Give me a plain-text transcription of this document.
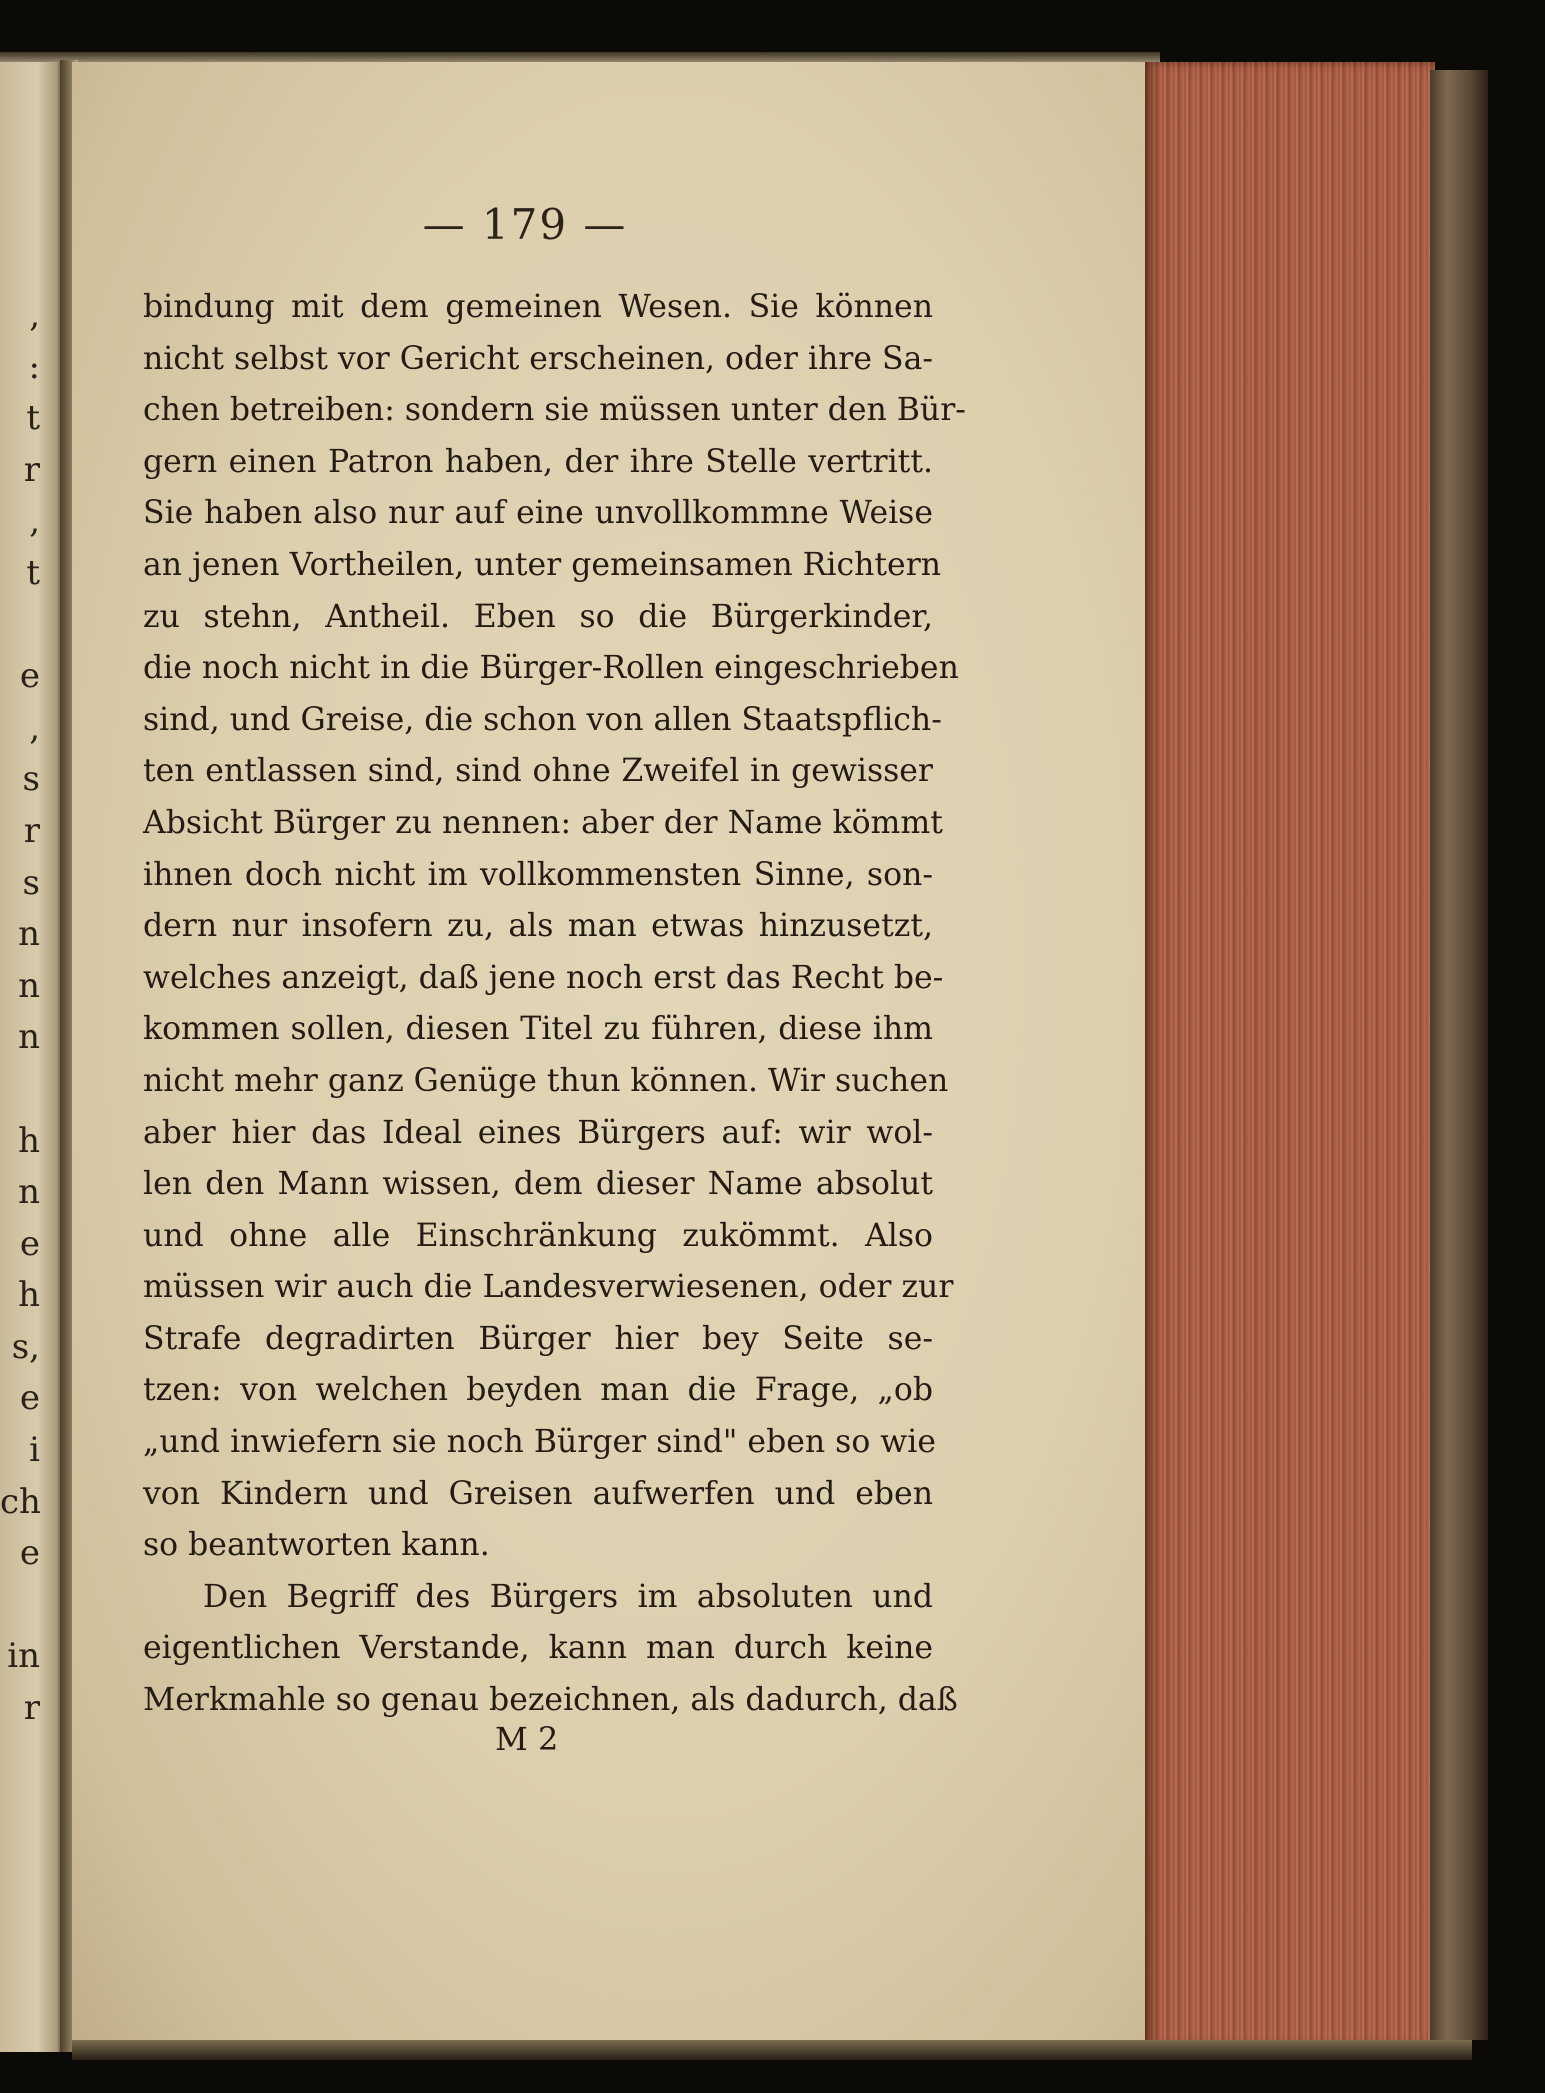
,
:
t
r
,
t
e
,
s
r
s
n
n
n
h
n
e
h
s,
e
i
ch
e
in
r
— 179 —
bindung mit dem gemeinen Wesen. Sie können
nicht selbst vor Gericht erscheinen, oder ihre Sa-
chen betreiben: sondern sie müssen unter den Bür-
gern einen Patron haben, der ihre Stelle vertritt.
Sie haben also nur auf eine unvollkommne Weise
an jenen Vortheilen, unter gemeinsamen Richtern
zu stehn, Antheil. Eben so die Bürgerkinder,
die noch nicht in die Bürger-Rollen eingeschrieben
sind, und Greise, die schon von allen Staatspflich-
ten entlassen sind, sind ohne Zweifel in gewisser
Absicht Bürger zu nennen: aber der Name kömmt
ihnen doch nicht im vollkommensten Sinne, son-
dern nur insofern zu, als man etwas hinzusetzt,
welches anzeigt, daß jene noch erst das Recht be-
kommen sollen, diesen Titel zu führen, diese ihm
nicht mehr ganz Genüge thun können. Wir suchen
aber hier das Ideal eines Bürgers auf: wir wol-
len den Mann wissen, dem dieser Name absolut
und ohne alle Einschränkung zukömmt. Also
müssen wir auch die Landesverwiesenen, oder zur
Strafe degradirten Bürger hier bey Seite se-
tzen: von welchen beyden man die Frage, „ob
„und inwiefern sie noch Bürger sind" eben so wie
von Kindern und Greisen aufwerfen und eben
so beantworten kann.
Den Begriff des Bürgers im absoluten und
eigentlichen Verstande, kann man durch keine
Merkmahle so genau bezeichnen, als dadurch, daß
M 2
